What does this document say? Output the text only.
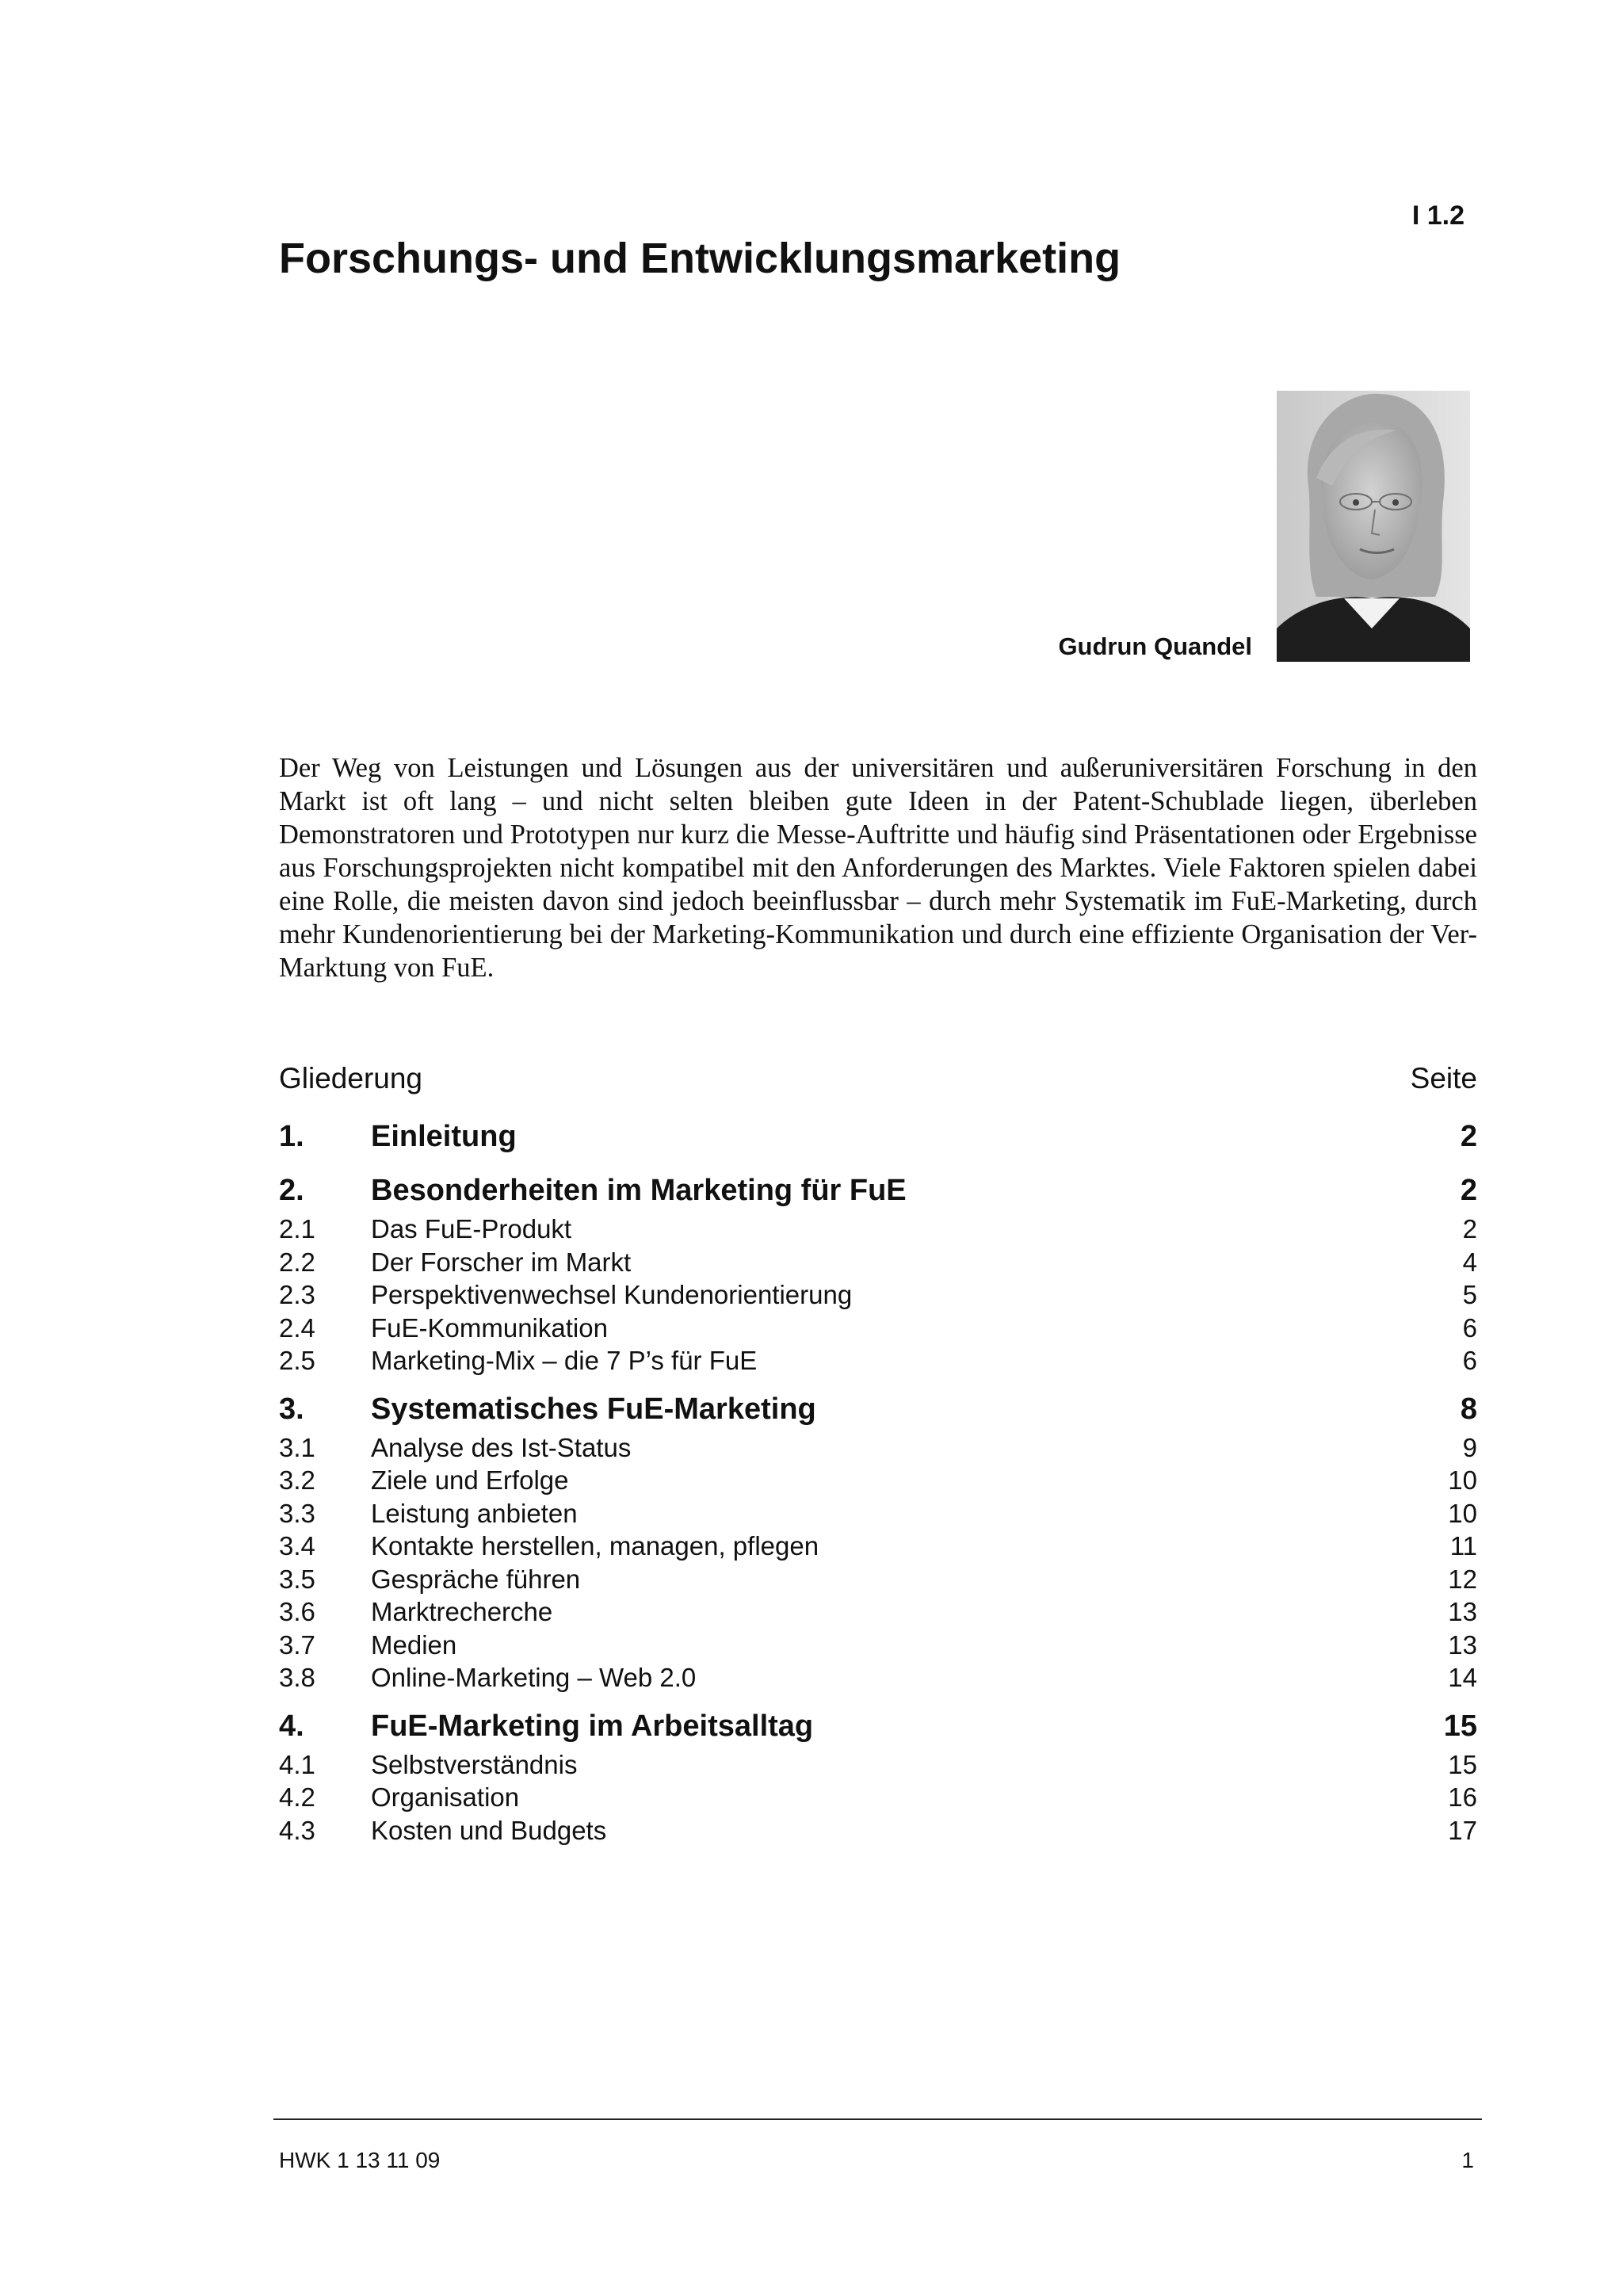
I 1.2
Forschungs- und Entwicklungsmarketing
Gudrun Quandel

Der Weg von Leistungen und Lösungen aus der universitären und außeruniversitären Forschung in den Markt ist oft lang – und nicht selten bleiben gute Ideen in der Patent-Schublade liegen, überleben Demonstratoren und Prototypen nur kurz die Messe-Auftritte und häufig sind Präsentationen oder Ergebnisse aus Forschungsprojekten nicht kompatibel mit den Anforderungen des Marktes. Viele Faktoren spielen dabei eine Rolle, die meisten davon sind jedoch beeinflussbar – durch mehr Systematik im FuE-Marketing, durch mehr Kundenorientierung bei der Marketing-Kommunikation und durch eine effiziente Organisation der Ver-Marktung von FuE.

Gliederung	Seite
1.	Einleitung	2
2.	Besonderheiten im Marketing für FuE	2
2.1	Das FuE-Produkt	2
2.2	Der Forscher im Markt	4
2.3	Perspektivenwechsel Kundenorientierung	5
2.4	FuE-Kommunikation	6
2.5	Marketing-Mix – die 7 P’s für FuE	6
3.	Systematisches FuE-Marketing	8
3.1	Analyse des Ist-Status	9
3.2	Ziele und Erfolge	10
3.3	Leistung anbieten	10
3.4	Kontakte herstellen, managen, pflegen	11
3.5	Gespräche führen	12
3.6	Marktrecherche	13
3.7	Medien	13
3.8	Online-Marketing – Web 2.0	14
4.	FuE-Marketing im Arbeitsalltag	15
4.1	Selbstverständnis	15
4.2	Organisation	16
4.3	Kosten und Budgets	17
HWK 1 13 11 09	1
